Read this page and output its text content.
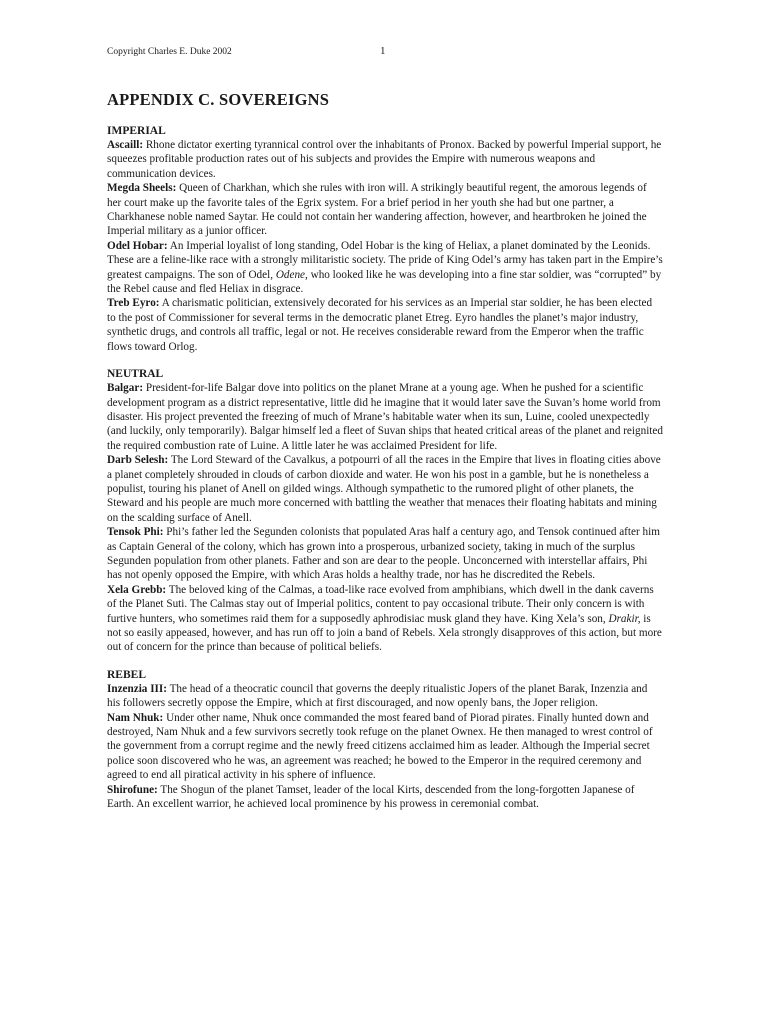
Copyright Charles E. Duke 2002	1
APPENDIX C. SOVEREIGNS
IMPERIAL

Ascaill: Rhone dictator exerting tyrannical control over the inhabitants of Pronox. Backed by powerful Imperial support, he squeezes profitable production rates out of his subjects and provides the Empire with numerous weapons and communication devices.

Megda Sheels: Queen of Charkhan, which she rules with iron will. A strikingly beautiful regent, the amorous legends of her court make up the favorite tales of the Egrix system. For a brief period in her youth she had but one partner, a Charkhanese noble named Saytar. He could not contain her wandering affection, however, and heartbroken he joined the Imperial military as a junior officer.

Odel Hobar: An Imperial loyalist of long standing, Odel Hobar is the king of Heliax, a planet dominated by the Leonids. These are a feline-like race with a strongly militaristic society. The pride of King Odel’s army has taken part in the Empire’s greatest campaigns. The son of Odel, Odene, who looked like he was developing into a fine star soldier, was “corrupted” by the Rebel cause and fled Heliax in disgrace.

Treb Eyro: A charismatic politician, extensively decorated for his services as an Imperial star soldier, he has been elected to the post of Commissioner for several terms in the democratic planet Etreg. Eyro handles the planet’s major industry, synthetic drugs, and controls all traffic, legal or not. He receives considerable reward from the Emperor when the traffic flows toward Orlog.

NEUTRAL

Balgar: President-for-life Balgar dove into politics on the planet Mrane at a young age. When he pushed for a scientific development program as a district representative, little did he imagine that it would later save the Suvan’s home world from disaster. His project prevented the freezing of much of Mrane’s habitable water when its sun, Luine, cooled unexpectedly (and luckily, only temporarily). Balgar himself led a fleet of Suvan ships that heated critical areas of the planet and reignited the required combustion rate of Luine. A little later he was acclaimed President for life.

Darb Selesh: The Lord Steward of the Cavalkus, a potpourri of all the races in the Empire that lives in floating cities above a planet completely shrouded in clouds of carbon dioxide and water. He won his post in a gamble, but he is nonetheless a populist, touring his planet of Anell on gilded wings. Although sympathetic to the rumored plight of other planets, the Steward and his people are much more concerned with battling the weather that menaces their floating habitats and mining on the scalding surface of Anell.

Tensok Phi: Phi’s father led the Segunden colonists that populated Aras half a century ago, and Tensok continued after him as Captain General of the colony, which has grown into a prosperous, urbanized society, taking in much of the surplus Segunden population from other planets. Father and son are dear to the people. Unconcerned with interstellar affairs, Phi has not openly opposed the Empire, with which Aras holds a healthy trade, nor has he discredited the Rebels.

Xela Grebb: The beloved king of the Calmas, a toad-like race evolved from amphibians, which dwell in the dank caverns of the Planet Suti. The Calmas stay out of Imperial politics, content to pay occasional tribute. Their only concern is with furtive hunters, who sometimes raid them for a supposedly aphrodisiac musk gland they have. King Xela’s son, Drakir, is not so easily appeased, however, and has run off to join a band of Rebels. Xela strongly disapproves of this action, but more out of concern for the prince than because of political beliefs.

REBEL

Inzenzia III: The head of a theocratic council that governs the deeply ritualistic Jopers of the planet Barak, Inzenzia and his followers secretly oppose the Empire, which at first discouraged, and now openly bans, the Joper religion.

Nam Nhuk: Under other name, Nhuk once commanded the most feared band of Piorad pirates. Finally hunted down and destroyed, Nam Nhuk and a few survivors secretly took refuge on the planet Ownex. He then managed to wrest control of the government from a corrupt regime and the newly freed citizens acclaimed him as leader. Although the Imperial secret police soon discovered who he was, an agreement was reached; he bowed to the Emperor in the required ceremony and agreed to end all piratical activity in his sphere of influence.

Shirofune: The Shogun of the planet Tamset, leader of the local Kirts, descended from the long-forgotten Japanese of Earth. An excellent warrior, he achieved local prominence by his prowess in ceremonial combat.
